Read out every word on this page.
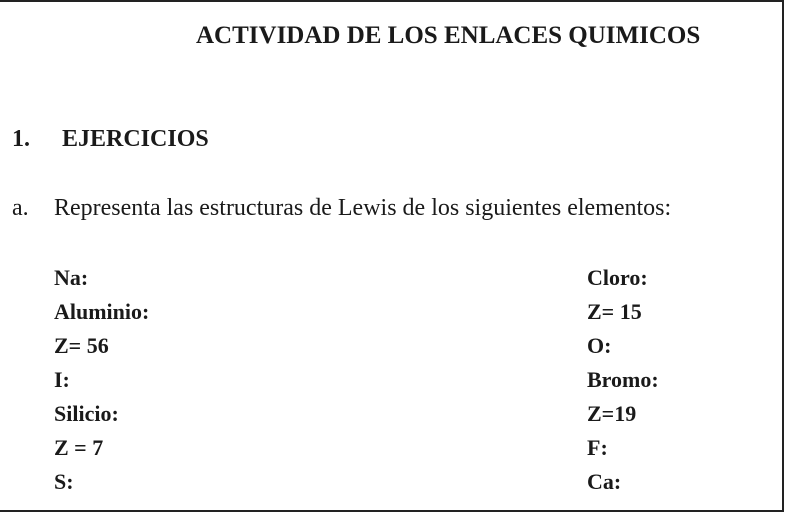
ACTIVIDAD DE LOS ENLACES QUIMICOS
1. EJERCICIOS
a. Representa las estructuras de Lewis de los siguientes elementos:
Na:
Aluminio:
Z= 56
I:
Silicio:
Z = 7
S:
Cloro:
Z= 15
O:
Bromo:
Z=19
F:
Ca:
